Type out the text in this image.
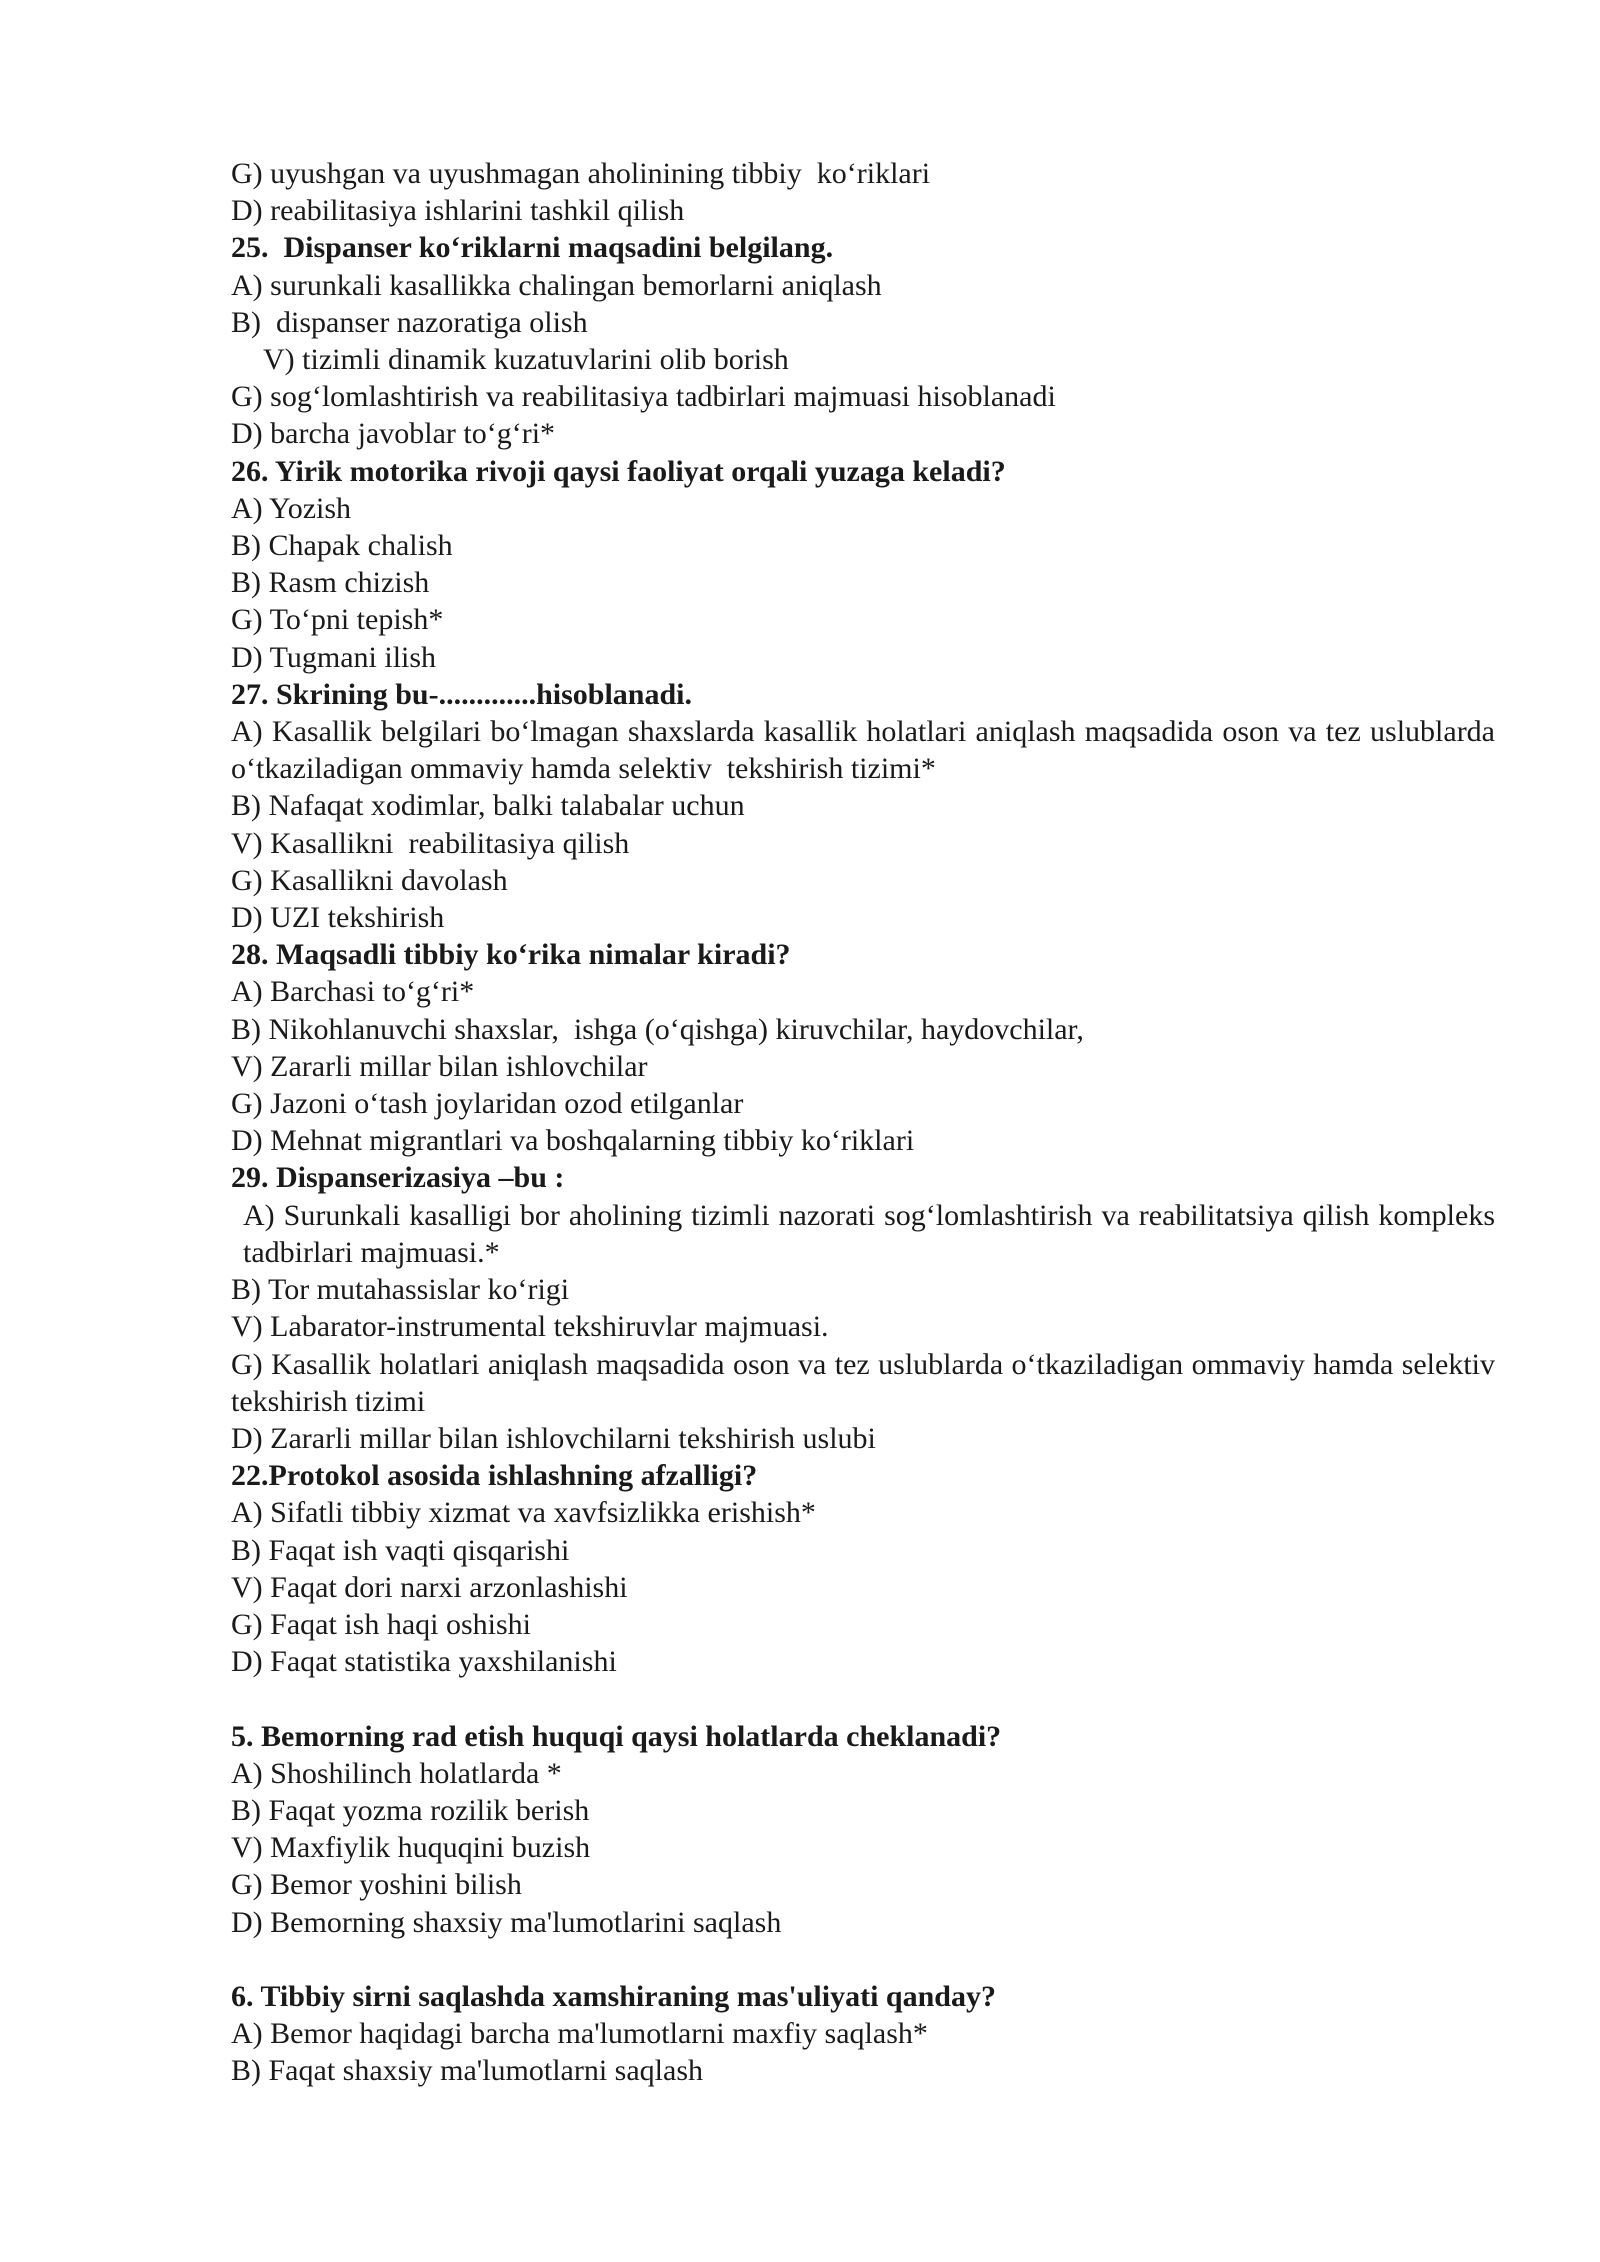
G) uyushgan va uyushmagan aholinining tibbiy  ko‘riklari
D) reabilitasiya ishlarini tashkil qilish
25.  Dispanser ko‘riklarni maqsadini belgilang.
A) surunkali kasallikka chalingan bemorlarni aniqlash
B)  dispanser nazoratiga olish
V) tizimli dinamik kuzatuvlarini olib borish
G) sog‘lomlashtirish va reabilitasiya tadbirlari majmuasi hisoblanadi
D) barcha javoblar to‘g‘ri*
26. Yirik motorika rivoji qaysi faoliyat orqali yuzaga keladi?
A) Yozish
B) Chapak chalish
B) Rasm chizish
G) To‘pni tepish*
D) Tugmani ilish
27. Skrining bu-.............hisoblanadi.
A) Kasallik belgilari bo‘lmagan shaxslarda kasallik holatlari aniqlash maqsadida oson va tez uslublarda o‘tkaziladigan ommaviy hamda selektiv  tekshirish tizimi*
B) Nafaqat xodimlar, balki talabalar uchun
V) Kasallikni  reabilitasiya qilish
G) Kasallikni davolash
D) UZI tekshirish
28. Maqsadli tibbiy ko‘rika nimalar kiradi?
A) Barchasi to‘g‘ri*
B) Nikohlanuvchi shaxslar,  ishga (o‘qishga) kiruvchilar, haydovchilar,
V) Zararli millar bilan ishlovchilar
G) Jazoni o‘tash joylaridan ozod etilganlar
D) Mehnat migrantlari va boshqalarning tibbiy ko‘riklari
29. Dispanserizasiya –bu :
A) Surunkali kasalligi bor aholining tizimli nazorati sog‘lomlashtirish va reabilitatsiya qilish kompleks tadbirlari majmuasi.*
B) Tor mutahassislar ko‘rigi
V) Labarator-instrumental tekshiruvlar majmuasi.
G) Kasallik holatlari aniqlash maqsadida oson va tez uslublarda o‘tkaziladigan ommaviy hamda selektiv  tekshirish tizimi
D) Zararli millar bilan ishlovchilarni tekshirish uslubi
22.Protokol asosida ishlashning afzalligi?
A) Sifatli tibbiy xizmat va xavfsizlikka erishish*
B) Faqat ish vaqti qisqarishi
V) Faqat dori narxi arzonlashishi
G) Faqat ish haqi oshishi
D) Faqat statistika yaxshilanishi
5. Bemorning rad etish huquqi qaysi holatlarda cheklanadi?
A) Shoshilinch holatlarda *
B) Faqat yozma rozilik berish
V) Maxfiylik huquqini buzish
G) Bemor yoshini bilish
D) Bemorning shaxsiy ma'lumotlarini saqlash
6. Tibbiy sirni saqlashda xamshiraning mas'uliyati qanday?
A) Bemor haqidagi barcha ma'lumotlarni maxfiy saqlash*
B) Faqat shaxsiy ma'lumotlarni saqlash
